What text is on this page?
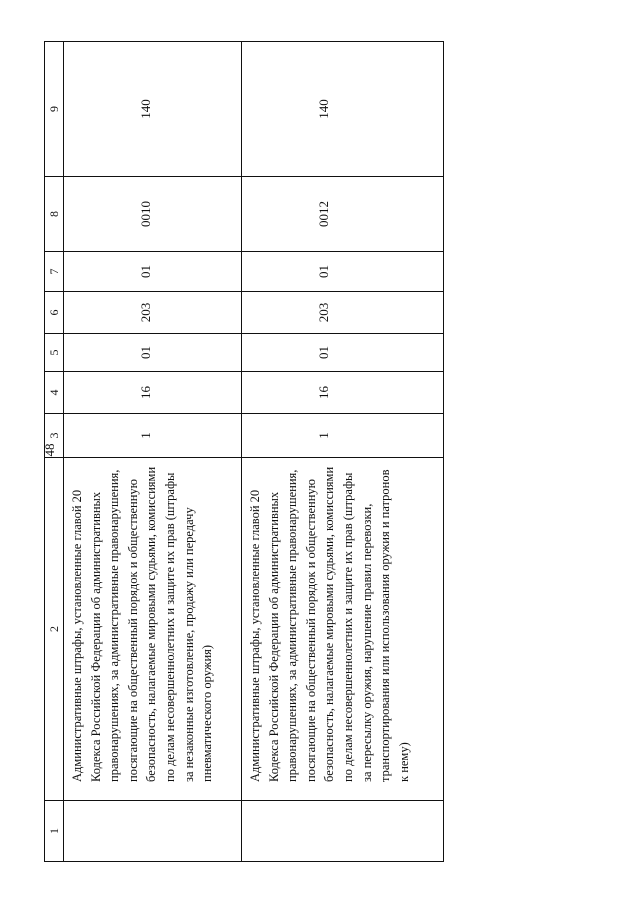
48
1	2	3	4	5	6	7	8	9
	Административные штрафы, установленные главой 20 Кодекса Российской Федерации об административных правонарушениях, за административные правонарушения, посягающие на общественный порядок и общественную безопасность, налагаемые мировыми судьями, комиссиями по делам несовершеннолетних и защите их прав (штрафы за незаконные изготовление, продажу или передачу пневматического оружия)	1	16	01	203	01	0010	140
	Административные штрафы, установленные главой 20 Кодекса Российской Федерации об административных правонарушениях, за административные правонарушения, посягающие на общественный порядок и общественную безопасность, налагаемые мировыми судьями, комиссиями по делам несовершеннолетних и защите их прав (штрафы за пересылку оружия, нарушение правил перевозки, транспортирования или использования оружия и патронов к нему)	1	16	01	203	01	0012	140
